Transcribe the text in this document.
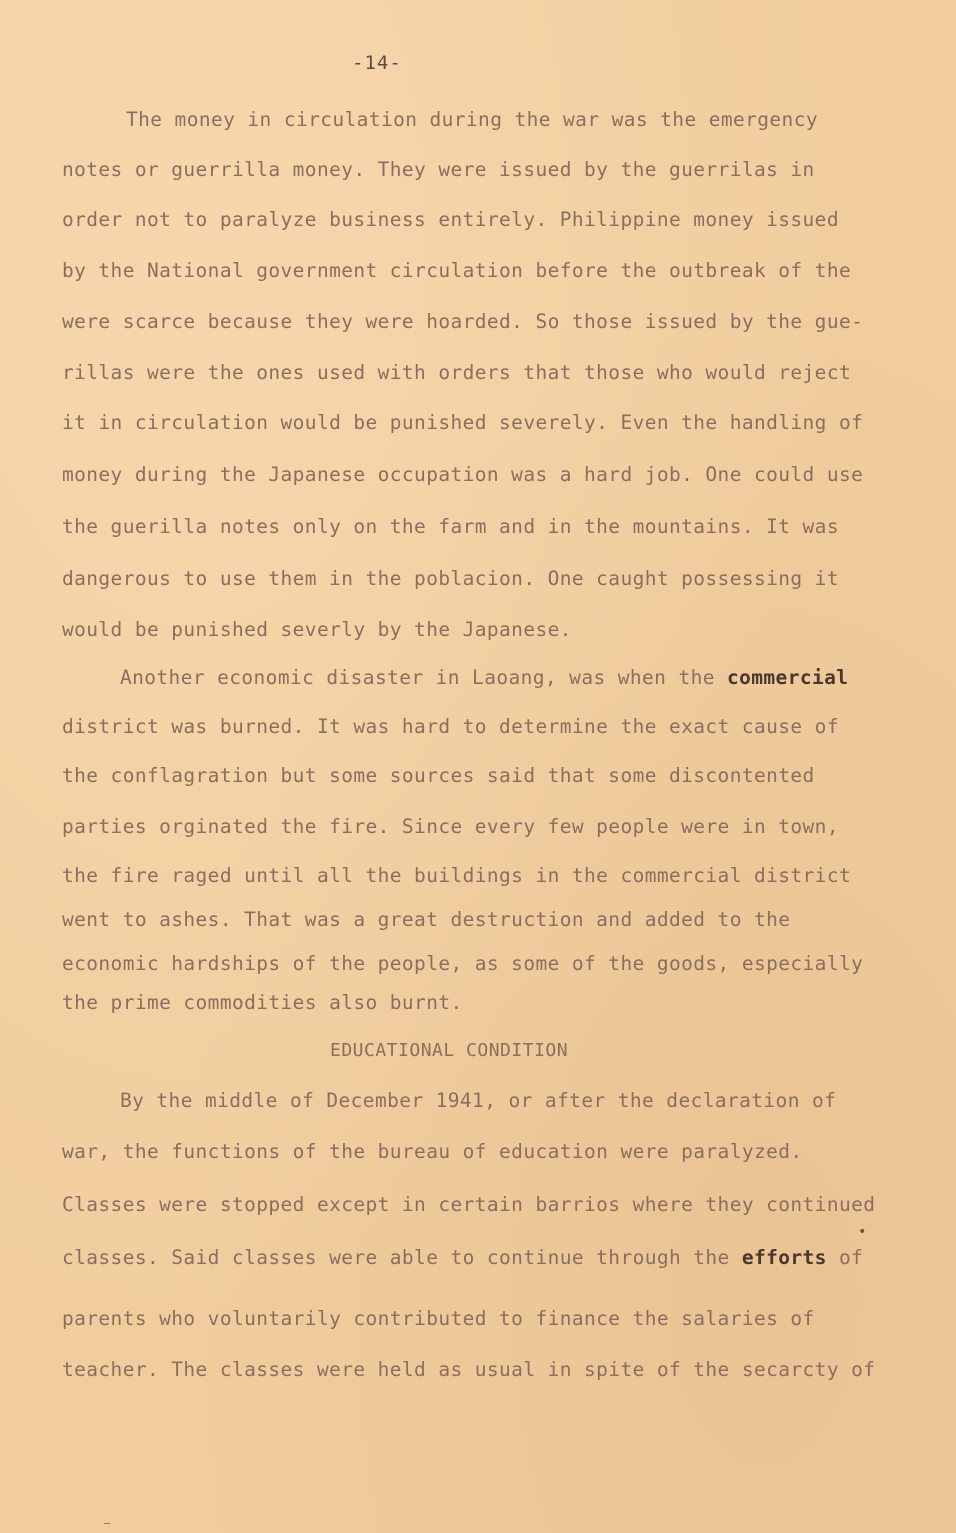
-14-
The money in circulation during the war was the emergency
notes or guerrilla money. They were issued by the guerrilas in
order not to paralyze business entirely. Philippine money issued
by the National government circulation before the outbreak of the
were scarce because they were hoarded. So those issued by the gue-
rillas were the ones used with orders that those who would reject
it in circulation would be punished severely. Even the handling of
money during the Japanese occupation was a hard job. One could use
the guerilla notes only on the farm and in the mountains. It was
dangerous to use them in the poblacion. One caught possessing it
would be punished severly by the Japanese.
Another economic disaster in Laoang, was when the commercial
district was burned. It was hard to determine the exact cause of
the conflagration but some sources said that some discontented
parties orginated the fire. Since every few people were in town,
the fire raged until all the buildings in the commercial district
went to ashes. That was a great destruction and added to the
economic hardships of the people, as some of the goods, especially
the prime commodities also burnt.
EDUCATIONAL CONDITION
By the middle of December 1941, or after the declaration of
war, the functions of the bureau of education were paralyzed.
Classes were stopped except in certain barrios where they continued
classes. Said classes were able to continue through the efforts of
parents who voluntarily contributed to finance the salaries of
teacher. The classes were held as usual in spite of the secarcty of
•
—
